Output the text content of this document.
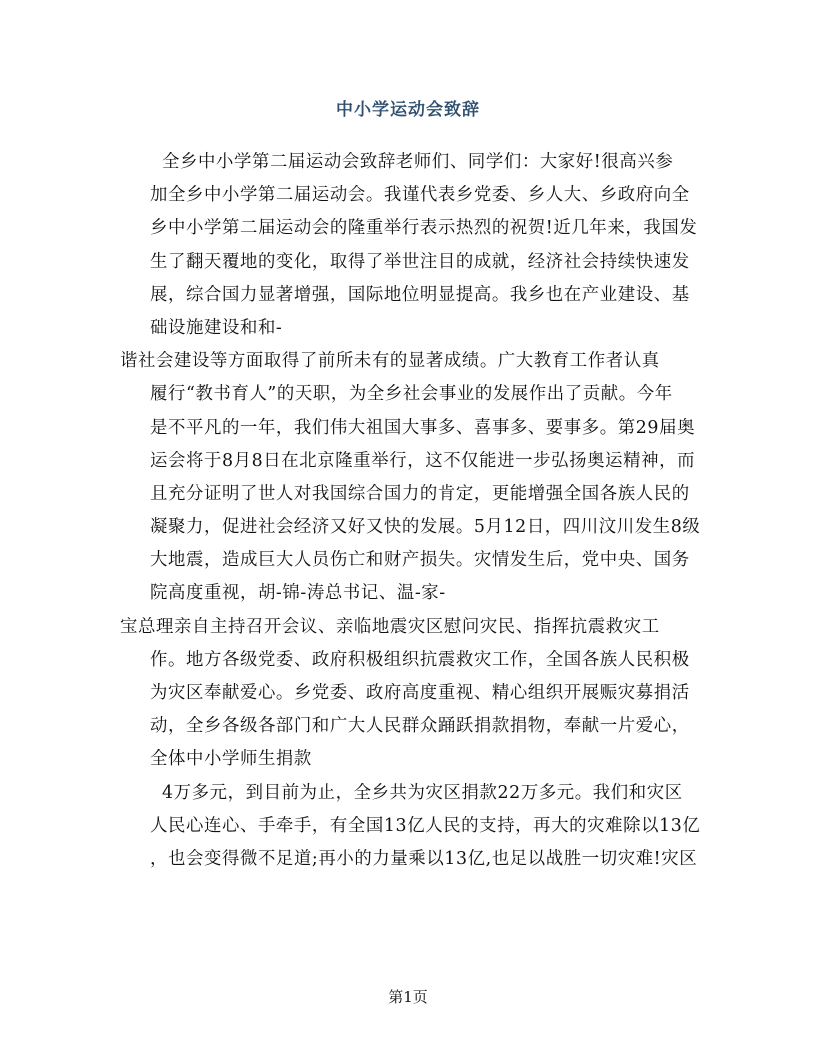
中小学运动会致辞
全乡中小学第二届运动会致辞老师们、同学们：大家好!很高兴参
加全乡中小学第二届运动会。我谨代表乡党委、乡人大、乡政府向全
乡中小学第二届运动会的隆重举行表示热烈的祝贺!近几年来，我国发
生了翻天覆地的变化，取得了举世注目的成就，经济社会持续快速发
展，综合国力显著增强，国际地位明显提高。我乡也在产业建设、基
础设施建设和和-
谐社会建设等方面取得了前所未有的显著成绩。广大教育工作者认真
履行“教书育人”的天职，为全乡社会事业的发展作出了贡献。今年
是不平凡的一年，我们伟大祖国大事多、喜事多、要事多。第29届奥
运会将于8月8日在北京隆重举行，这不仅能进一步弘扬奥运精神，而
且充分证明了世人对我国综合国力的肯定，更能增强全国各族人民的
凝聚力，促进社会经济又好又快的发展。5月12日，四川汶川发生8级
大地震，造成巨大人员伤亡和财产损失。灾情发生后，党中央、国务
院高度重视，胡-锦-涛总书记、温-家-
宝总理亲自主持召开会议、亲临地震灾区慰问灾民、指挥抗震救灾工
作。地方各级党委、政府积极组织抗震救灾工作，全国各族人民积极
为灾区奉献爱心。乡党委、政府高度重视、精心组织开展赈灾募捐活
动，全乡各级各部门和广大人民群众踊跃捐款捐物，奉献一片爱心，
全体中小学师生捐款
4万多元，到目前为止，全乡共为灾区捐款22万多元。我们和灾区
人民心连心、手牵手，有全国13亿人民的支持，再大的灾难除以13亿
，也会变得微不足道;再小的力量乘以13亿,也足以战胜一切灾难!灾区
第1页
